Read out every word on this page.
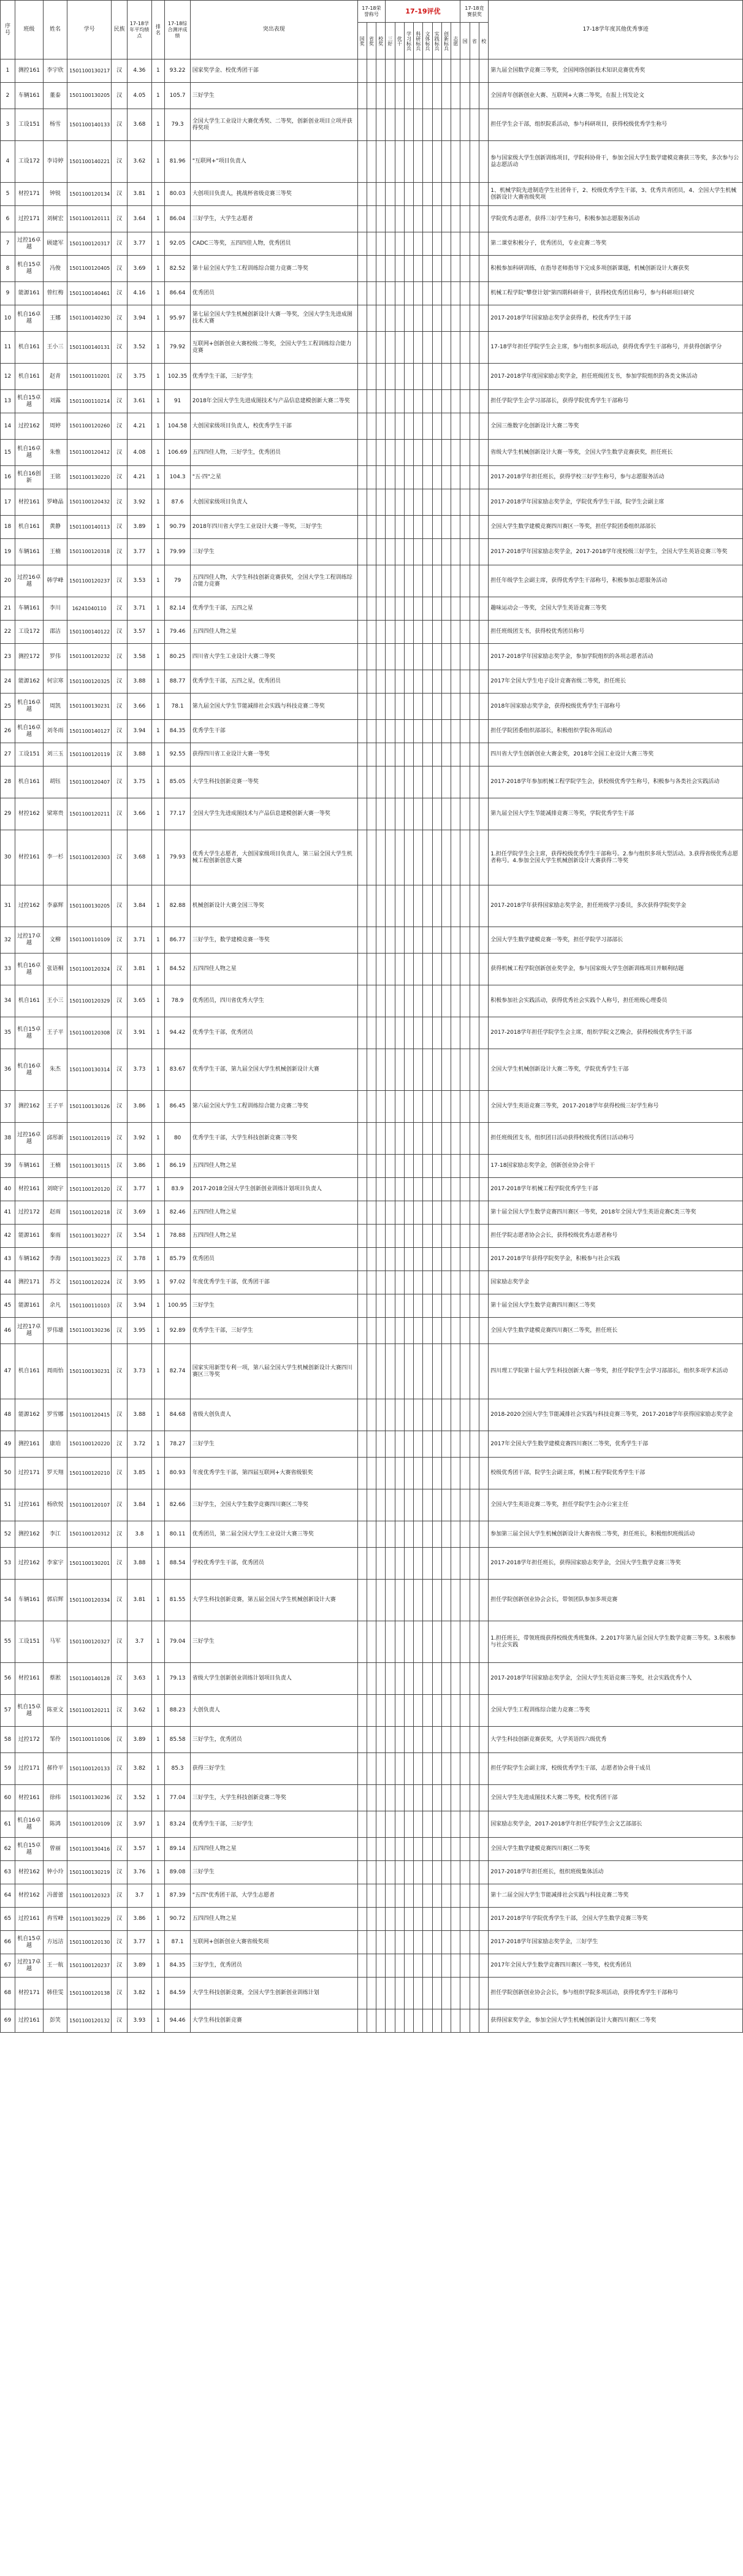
序号	班级	姓名	学号	民族	17-18学年平均绩点	排名	17-18综合测评成绩	突出表现	17-18荣誉称号			17-19评优								17-18竞赛获奖			17-18学年度其他优秀事迹
									国奖	省奖	校奖	三好	优干	学习标兵	科研标兵	文体标兵	实践标兵	创新标兵	志愿	国	省	校	
1	测控161	李宇欣	1501100130217	汉	4.36	1	93.22	国家奖学金、校优秀团干部															第九届全国数学竞赛三等奖，全国网络创新技术知识竞赛优秀奖
2	车辆161	董泰	1501100130205	汉	4.05	1	105.7	三好学生															全国青年创新创业大赛、互联网+大赛二等奖，在报上刊发论文
3	工设151	杨雪	1501100140133	汉	3.68	1	79.3	全国大学生工业设计大赛优秀奖、二等奖，创新创业项目立项并获得奖项															担任学生会干部，组织院系活动，参与科研项目，获得校级优秀学生称号
4	工设172	李诗婷	1501100140221	汉	3.62	1	81.96	"互联网+"项目负责人															参与国家级大学生创新训练项目，学院科协骨干，参加全国大学生数学建模竞赛获三等奖，多次参与公益志愿活动
5	材控171	钟锐	1501100120134	汉	3.81	1	80.03	大创项目负责人，挑战杯省级竞赛三等奖															1、机械学院先进制造学生社团骨干，2、校级优秀学生干部，3、优秀共青团员，4、全国大学生机械创新设计大赛省级奖项
6	过控171	刘树宏	1501100120111	汉	3.64	1	86.04	三好学生，大学生志愿者															学院优秀志愿者，获得三好学生称号，积极参加志愿服务活动
7	过控16卓越	顾建军	1501100120317	汉	3.77	1	92.05	CADC三等奖，五四四佳人物，优秀团员															第二课堂积极分子，优秀团员，专业竞赛二等奖
8	机自15卓越	冯俊	1501100120405	汉	3.69	1	82.52	第十届全国大学生工程训练综合能力竞赛二等奖															积极参加科研训练，在指导老师指导下完成多项创新课题，机械创新设计大赛获奖
9	能源161	曾红梅	1501100140461	汉	4.16	1	86.64	优秀团员															机械工程学院"攀登计划"第四期科研骨干，获得校优秀团员称号，参与科研项目研究
10	机自16卓越	王娜	1501100140230	汉	3.94	1	95.97	第七届全国大学生机械创新设计大赛一等奖，全国大学生先进成图技术大赛															2017-2018学年国家励志奖学金获得者，校优秀学生干部
11	机自161	王小三	1501100140131	汉	3.52	1	79.92	互联网+创新创业大赛校级二等奖，全国大学生工程训练综合能力竞赛															17-18学年担任学院学生会主席，参与组织多项活动，获得优秀学生干部称号，并获得创新学分
12	机自161	赵青	1501100110201	汉	3.75	1	102.35	优秀学生干部，三好学生															2017-2018学年度国家励志奖学金，担任班级团支书，参加学院组织的各类文体活动
13	机自15卓越	刘露	1501100110214	汉	3.61	1	91	2018年全国大学生先进成图技术与产品信息建模创新大赛二等奖															担任学院学生会学习部部长，获得学院优秀学生干部称号
14	过控162	周婷	1501100120260	汉	4.21	1	104.58	大创国家级项目负责人，校优秀学生干部															全国三维数字化创新设计大赛二等奖
15	机自16卓越	朱惟	1501100120412	汉	4.08	1	106.69	五四四佳人物，三好学生，优秀团员															省级大学生机械创新设计大赛一等奖，全国大学生数学竞赛获奖，担任班长
16	机自16创新	王铭	1501100130220	汉	4.21	1	104.3	"五·四"之星															2017-2018学年担任班长，获得学校三好学生称号，参与志愿服务活动
17	材控161	罗峰晶	1501100120432	汉	3.92	1	87.6	大创国家级项目负责人															2017-2018学年国家励志奖学金，学院优秀学生干部，院学生会副主席
18	机自161	黄静	1501100140113	汉	3.89	1	90.79	2018年四川省大学生工业设计大赛一等奖，三好学生															全国大学生数学建模竞赛四川赛区一等奖，担任学院团委组织部部长
19	车辆161	王楠	1501100120318	汉	3.77	1	79.99	三好学生															2017-2018学年国家励志奖学金，2017-2018学年度校级三好学生，全国大学生英语竞赛三等奖
20	过控16卓越	韩学峰	1501100120237	汉	3.53	1	79	五四四佳人物，大学生科技创新竞赛获奖，全国大学生工程训练综合能力竞赛															担任年级学生会副主席，获得优秀学生干部称号，积极参加志愿服务活动
21	车辆161	李川	16241040110	汉	3.71	1	82.14	优秀学生干部，五四之星															趣味运动会一等奖，全国大学生英语竞赛三等奖
22	工设172	邵洁	1501100140122	汉	3.57	1	79.46	五四四佳人物之星															担任班级团支书，获得校优秀团员称号
23	测控172	罗伟	1501100120232	汉	3.58	1	80.25	四川省大学生工业设计大赛二等奖															2017-2018学年国家励志奖学金，参加学院组织的各项志愿者活动
24	能源162	何宗寒	1501100120325	汉	3.88	1	88.77	优秀学生干部，五四之星，优秀团员															2017年全国大学生电子设计竞赛省级二等奖，担任班长
25	机自16卓越	周凯	1501100130231	汉	3.66	1	78.1	第九届全国大学生节能减排社会实践与科技竞赛二等奖															2018年国家励志奖学金，获得校级优秀学生干部称号
26	机自16卓越	刘冬雨	1501100140127	汉	3.94	1	84.35	优秀学生干部															担任学院团委组织部部长，积极组织学院各项活动
27	工设151	刘三玉	1501100120119	汉	3.88	1	92.55	获得四川省工业设计大赛一等奖															四川省大学生创新创业大赛金奖，2018年全国工业设计大赛三等奖
28	机自161	胡钰	1501100120407	汉	3.75	1	85.05	大学生科技创新竞赛一等奖															2017-2018学年参加机械工程学院学生会，获校级优秀学生称号，积极参与各类社会实践活动
29	材控162	梁寒贵	1501100120211	汉	3.66	1	77.17	全国大学生先进成图技术与产品信息建模创新大赛一等奖															第九届全国大学生节能减排竞赛三等奖，学院优秀学生干部
30	材控161	李一杉	1501100120303	汉	3.68	1	79.93	优秀大学生志愿者，大创国家级项目负责人，第三届全国大学生机械工程创新创意大赛															1.担任学院学生会主席，获得校级优秀学生干部称号。2.参与组织多项大型活动。3.获得省级优秀志愿者称号。4.参加全国大学生机械创新设计大赛获得二等奖
31	过控162	李嘉辉	1501100130205	汉	3.84	1	82.88	机械创新设计大赛全国三等奖															2017-2018学年获得国家励志奖学金，担任班级学习委员，多次获得学院奖学金
32	过控17卓越	文柳	1501100110109	汉	3.71	1	86.77	三好学生，数学建模竞赛一等奖															全国大学生数学建模竞赛一等奖，担任学院学习部部长
33	机自16卓越	张语桐	1501100120324	汉	3.81	1	84.52	五四四佳人物之星															获得机械工程学院创新创业奖学金，参与国家级大学生创新训练项目并顺利结题
34	机自161	王小三	1501100120329	汉	3.65	1	78.9	优秀团员，四川省优秀大学生															积极参加社会实践活动，获得优秀社会实践个人称号，担任班级心理委员
35	机自15卓越	王子平	1501100120308	汉	3.91	1	94.42	优秀学生干部，优秀团员															2017-2018学年担任学院学生会主席，组织学院文艺晚会，获得校级优秀学生干部
36	机自16卓越	朱杰	1501100130314	汉	3.73	1	83.67	优秀学生干部，第九届全国大学生机械创新设计大赛															全国大学生机械创新设计大赛二等奖，学院优秀学生干部
37	测控162	王子平	1501100130126	汉	3.86	1	86.45	第六届全国大学生工程训练综合能力竞赛二等奖															全国大学生英语竞赛三等奖，2017-2018学年获得校级三好学生称号
38	过控16卓越	邱彤新	1501100120119	汉	3.92	1	80	优秀学生干部，大学生科技创新竞赛三等奖															担任班级团支书，组织团日活动获得校级优秀团日活动称号
39	车辆161	王楠	1501100130115	汉	3.86	1	86.19	五四四佳人物之星															17-18国家励志奖学金，创新创业协会骨干
40	材控161	刘晓宇	1501100120120	汉	3.77	1	83.9	2017-2018全国大学生创新创业训练计划项目负责人															2017-2018学年机械工程学院优秀学生干部
41	过控172	赵雨	1501100120218	汉	3.69	1	82.46	五四四佳人物之星															第十届全国大学生数学竞赛四川赛区一等奖，2018年全国大学生英语竞赛C类三等奖
42	能源161	秦雨	1501100130227	汉	3.54	1	78.88	五四四佳人物之星															担任学院志愿者协会会长，获得校级优秀志愿者称号
43	车辆162	李海	1501100130223	汉	3.78	1	85.79	优秀团员															2017-2018学年获得学院奖学金，积极参与社会实践
44	测控171	苏文	1501100120224	汉	3.95	1	97.02	年度优秀学生干部，优秀团干部															国家励志奖学金
45	能源161	余凡	1501100110103	汉	3.94	1	100.95	三好学生															第十届全国大学生数学竞赛四川赛区二等奖
46	过控17卓越	罗伟雄	1501100130236	汉	3.95	1	92.89	优秀学生干部，三好学生															全国大学生数学建模竞赛四川赛区二等奖，担任班长
47	机自161	周雨怡	1501100130231	汉	3.73	1	82.74	国家实用新型专利一项，第八届全国大学生机械创新设计大赛四川赛区三等奖															四川理工学院第十届大学生科技创新大赛一等奖，担任学院学生会学习部部长，组织多项学术活动
48	能源162	罗雪娜	1501100120415	汉	3.88	1	84.68	省级大创负责人															2018-2020全国大学生节能减排社会实践与科技竞赛三等奖，2017-2018学年获得国家励志奖学金
49	测控161	康珀	1501100120220	汉	3.72	1	78.27	三好学生															2017年全国大学生数学建模竞赛四川赛区二等奖，优秀学生干部
50	过控171	罗天翔	1501100120210	汉	3.85	1	80.93	年度优秀学生干部，第四届互联网+大赛省级银奖															校级优秀团干部，院学生会副主席，机械工程学院优秀学生干部
51	过控161	杨欣悦	1501100120107	汉	3.84	1	82.66	三好学生，全国大学生数学竞赛四川赛区二等奖															全国大学生英语竞赛二等奖，担任学院学生会办公室主任
52	测控162	李江	1501100120312	汉	3.8	1	80.11	优秀团员，第二届全国大学生工业设计大赛三等奖															参加第三届全国大学生机械创新设计大赛省级二等奖，担任班长，积极组织班级活动
53	过控162	李家宇	1501100130201	汉	3.88	1	88.54	学校优秀学生干部，优秀团员															2017-2018学年担任班长，获得国家励志奖学金，全国大学生数学竞赛三等奖
54	车辆161	郭启辉	1501100120334	汉	3.81	1	81.55	大学生科技创新竞赛，第五届全国大学生机械创新设计大赛															担任学院创新创业协会会长，带领团队参加多项竞赛
55	工设151	马军	1501100120327	汉	3.7	1	79.04	三好学生															1.担任班长，带领班级获得校级优秀班集体。2.2017年第九届全国大学生数学竞赛三等奖。3.积极参与社会实践
56	材控161	蔡淞	1501100140128	汉	3.63	1	79.13	省级大学生创新创业训练计划项目负责人															2017-2018学年国家励志奖学金，全国大学生英语竞赛三等奖，社会实践优秀个人
57	机自15卓越	陈亚文	1501100120211	汉	3.62	1	88.23	大创负责人															全国大学生工程训练综合能力竞赛二等奖
58	过控172	邹伶	1501100110106	汉	3.89	1	85.58	三好学生，优秀团员															大学生科技创新竞赛获奖，大学英语四六级优秀
59	过控171	郝伶平	1501100120133	汉	3.82	1	85.3	获得三好学生															担任学院学生会副主席，校级优秀学生干部，志愿者协会骨干成员
60	材控161	徐纬	1501100130236	汉	3.52	1	77.04	三好学生，大学生科技创新竞赛二等奖															全国大学生先进成图技术大赛二等奖，校优秀团干部
61	机自16卓越	陈鸿	1501100120109	汉	3.97	1	83.24	优秀学生干部，三好学生															国家励志奖学金，2017-2018学年担任学院学生会文艺部部长
62	机自15卓越	曾丽	1501100130416	汉	3.57	1	89.14	五四四佳人物之星															全国大学生数学建模竞赛四川赛区二等奖
63	材控162	钟小玲	1501100130219	汉	3.76	1	89.08	三好学生															2017-2018学年担任班长，组织班级集体活动
64	材控162	冯蕾蕾	1501100120323	汉	3.7	1	87.39	"五四"优秀团干部，大学生志愿者															第十二届全国大学生节能减排社会实践与科技竞赛二等奖
65	过控161	冉雪峰	1501100130229	汉	3.86	1	90.72	五四四佳人物之星															2017-2018学年学院优秀学生干部，全国大学生数学竞赛三等奖
66	机自15卓越	方远洁	1501100120130	汉	3.77	1	87.1	互联网+创新创业大赛省级奖项															2017-2018学年国家励志奖学金，三好学生
67	过控17卓越	王一航	1501100120237	汉	3.89	1	84.35	三好学生，优秀团员															2017年全国大学生数学竞赛四川赛区一等奖，校优秀团员
68	材控171	韩佳雯	1501100120138	汉	3.82	1	84.59	大学生科技创新竞赛，全国大学生创新创业训练计划															担任学院创新创业协会会长，参与组织学院多项活动，获得优秀学生干部称号
69	过控161	彭笑	1501100120132	汉	3.93	1	94.46	大学生科技创新竞赛															获得国家奖学金，参加全国大学生机械创新设计大赛四川赛区二等奖
